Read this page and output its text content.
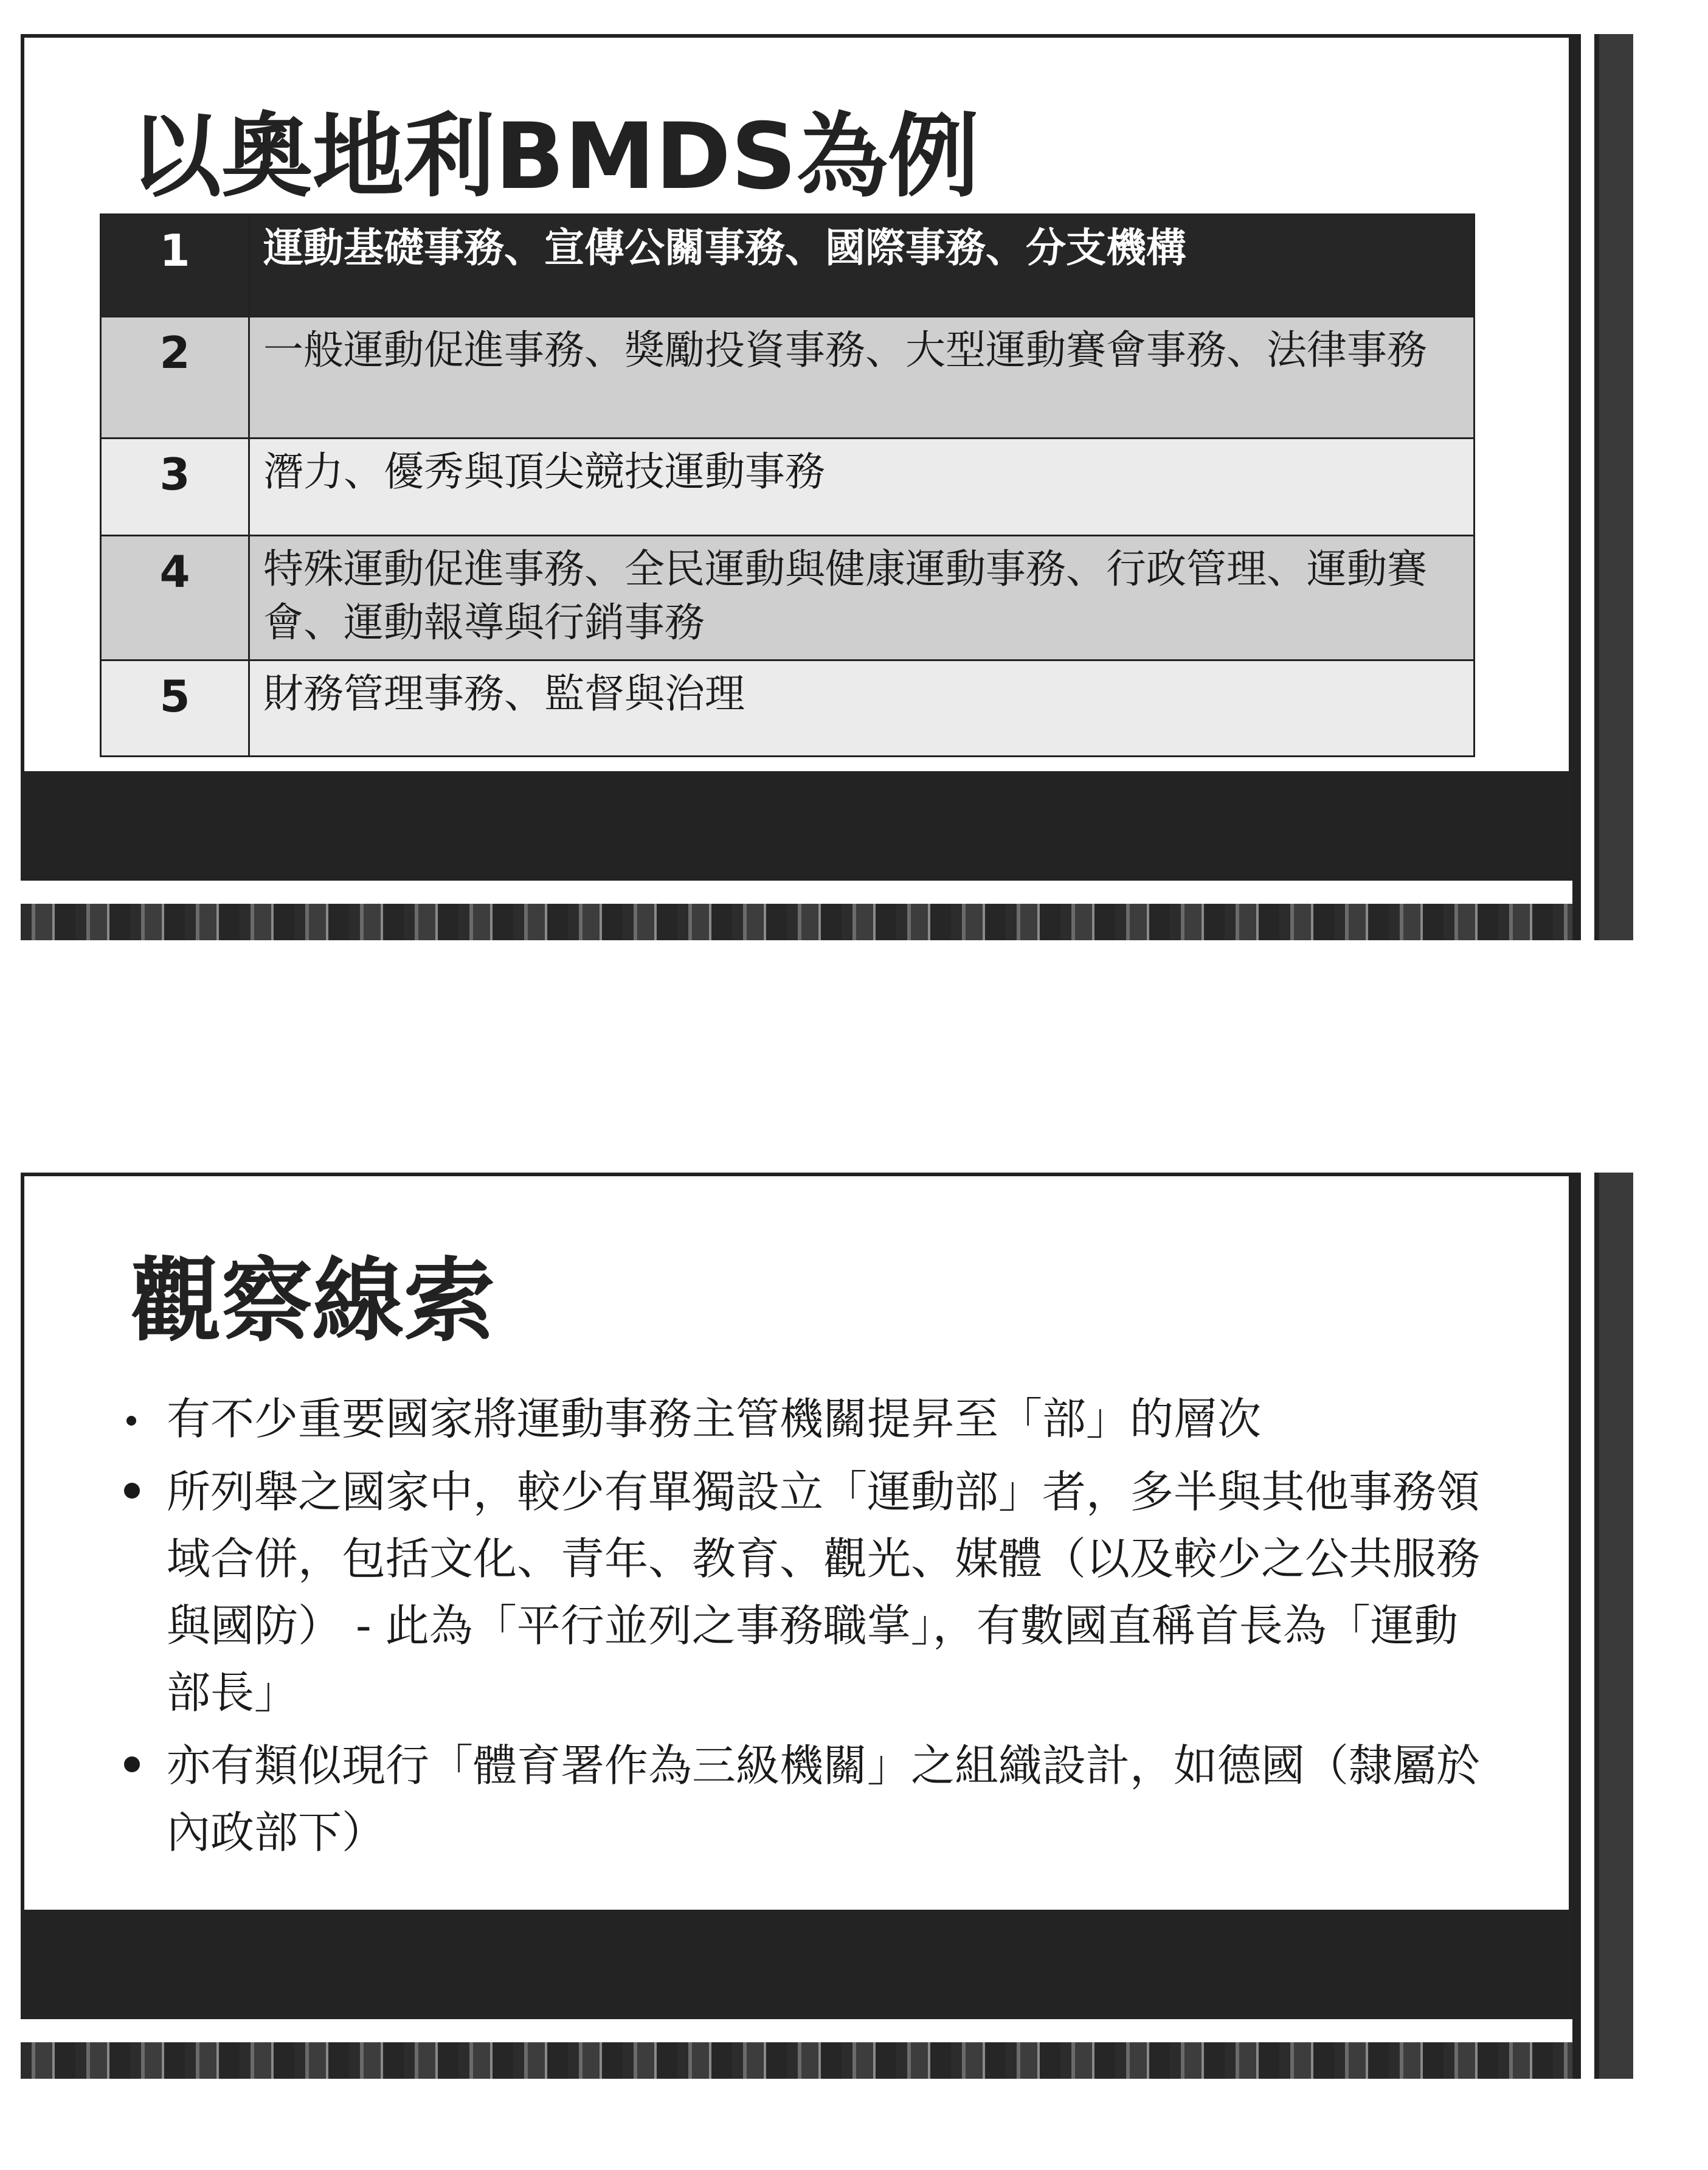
以奧地利BMDS為例
1	運動基礎事務、宣傳公關事務、國際事務、分支機構
2	一般運動促進事務、獎勵投資事務、大型運動賽會事務、法律事務
3	潛力、優秀與頂尖競技運動事務
4	特殊運動促進事務、全民運動與健康運動事務、行政管理、運動賽會、運動報導與行銷事務
5	財務管理事務、監督與治理
觀察線索
有不少重要國家將運動事務主管機關提昇至「部」的層次
所列舉之國家中，較少有單獨設立「運動部」者，多半與其他事務領域合併，包括文化、青年、教育、觀光、媒體（以及較少之公共服務與國防） - 此為「平行並列之事務職掌」，有數國直稱首長為「運動部長」
亦有類似現行「體育署作為三級機關」之組織設計，如德國（隸屬於內政部下）
